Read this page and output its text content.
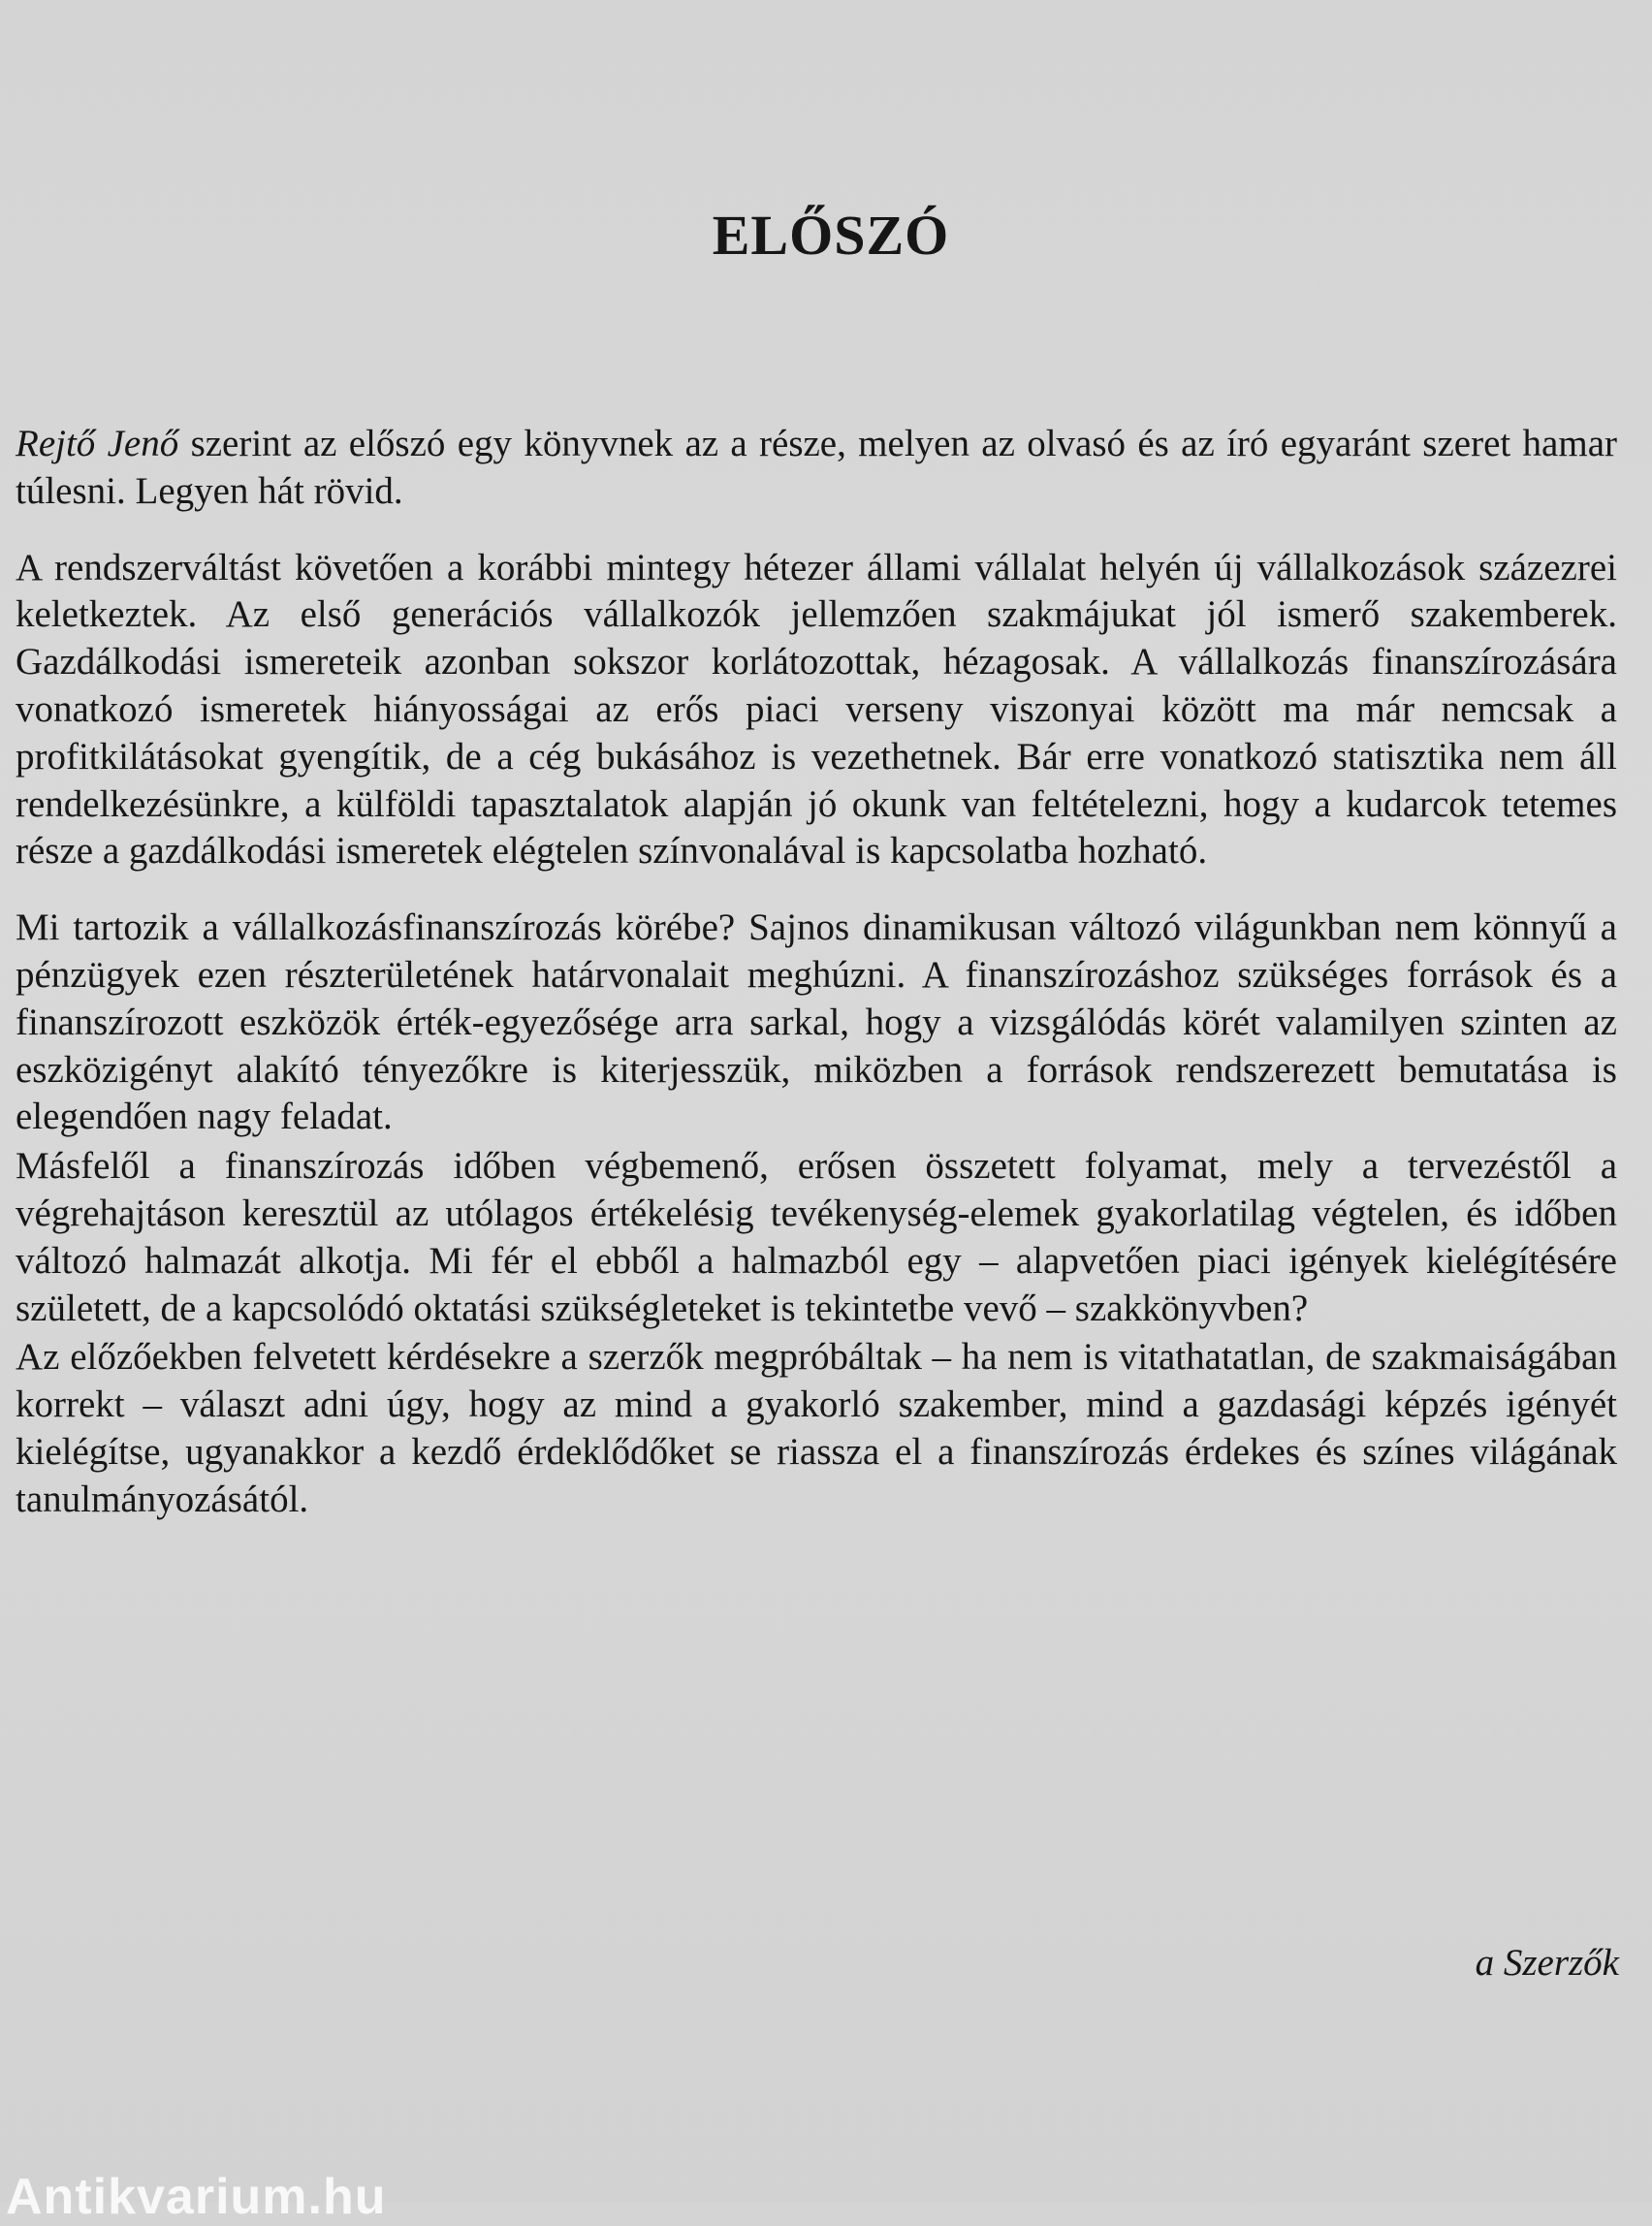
ELŐSZÓ

Rejtő Jenő szerint az előszó egy könyvnek az a része, melyen az olvasó és az író egyaránt szeret hamar túlesni. Legyen hát rövid.

A rendszerváltást követően a korábbi mintegy hétezer állami vállalat helyén új vállalkozások százezrei keletkeztek. Az első generációs vállalkozók jellemzően szakmájukat jól ismerő szakemberek. Gazdálkodási ismereteik azonban sokszor korlátozottak, hézagosak. A vállalkozás finanszírozására vonatkozó ismeretek hiányosságai az erős piaci verseny viszonyai között ma már nemcsak a profitkilátásokat gyengítik, de a cég bukásához is vezethetnek. Bár erre vonatkozó statisztika nem áll rendelkezésünkre, a külföldi tapasztalatok alapján jó okunk van feltételezni, hogy a kudarcok tetemes része a gazdálkodási ismeretek elégtelen színvonalával is kapcsolatba hozható.

Mi tartozik a vállalkozásfinanszírozás körébe? Sajnos dinamikusan változó világunkban nem könnyű a pénzügyek ezen részterületének határvonalait meghúzni. A finanszírozáshoz szükséges források és a finanszírozott eszközök érték-egyezősége arra sarkal, hogy a vizsgálódás körét valamilyen szinten az eszközigényt alakító tényezőkre is kiterjesszük, miközben a források rendszerezett bemutatása is elegendően nagy feladat.

Másfelől a finanszírozás időben végbemenő, erősen összetett folyamat, mely a tervezéstől a végrehajtáson keresztül az utólagos értékelésig tevékenység-elemek gyakorlatilag végtelen, és időben változó halmazát alkotja. Mi fér el ebből a halmazból egy – alapvetően piaci igények kielégítésére született, de a kapcsolódó oktatási szükségleteket is tekintetbe vevő – szakkönyvben?

Az előzőekben felvetett kérdésekre a szerzők megpróbáltak – ha nem is vitathatatlan, de szakmaiságában korrekt – választ adni úgy, hogy az mind a gyakorló szakember, mind a gazdasági képzés igényét kielégítse, ugyanakkor a kezdő érdeklődőket se riassza el a finanszírozás érdekes és színes világának tanulmányozásától.

a Szerzők
Antikvarium.hu
